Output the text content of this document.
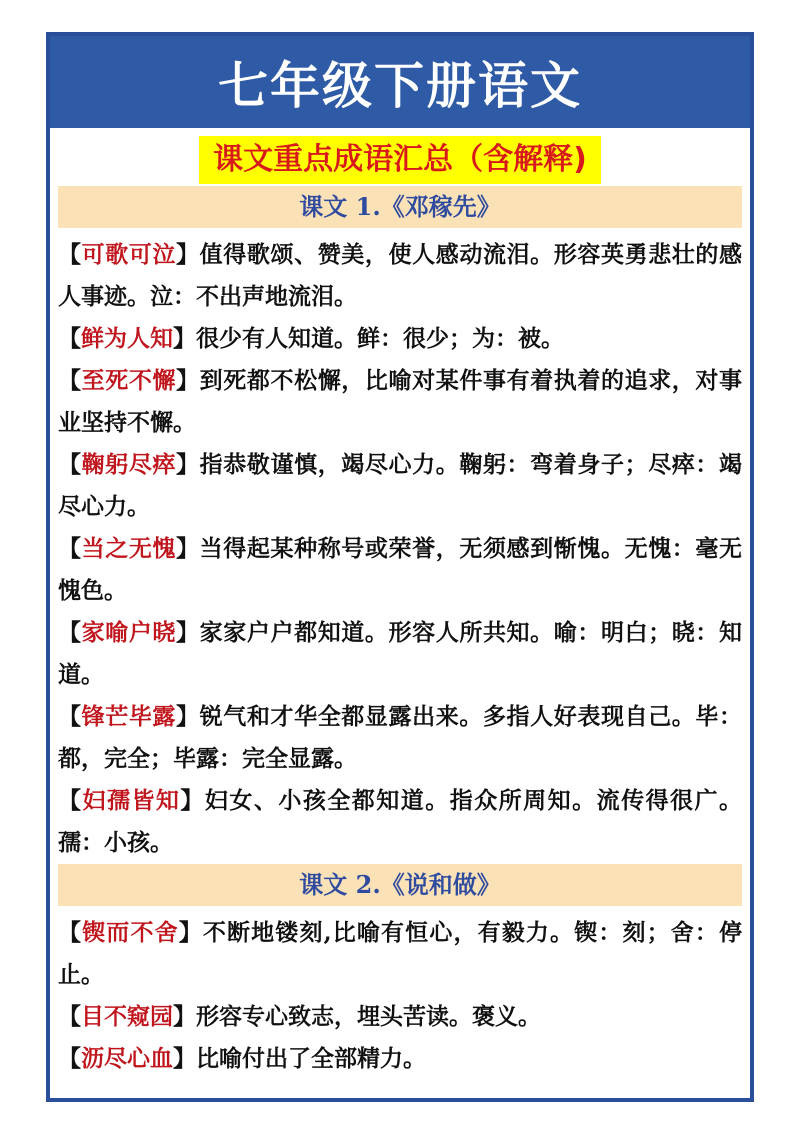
七年级下册语文
课文重点成语汇总（含解释)
课文 1.《邓稼先》

【可歌可泣】值得歌颂、赞美，使人感动流泪。形容英勇悲壮的感人事迹。泣：不出声地流泪。

【鲜为人知】很少有人知道。鲜：很少；为：被。

【至死不懈】到死都不松懈，比喻对某件事有着执着的追求，对事业坚持不懈。

【鞠躬尽瘁】指恭敬谨慎，竭尽心力。鞠躬：弯着身子；尽瘁：竭尽心力。

【当之无愧】当得起某种称号或荣誉，无须感到惭愧。无愧：毫无愧色。

【家喻户晓】家家户户都知道。形容人所共知。喻：明白；晓：知道。

【锋芒毕露】锐气和才华全都显露出来。多指人好表现自己。毕：都，完全；毕露：完全显露。

【妇孺皆知】妇女、小孩全都知道。指众所周知。流传得很广。孺：小孩。

课文 2.《说和做》

【锲而不舍】不断地镂刻,比喻有恒心，有毅力。锲：刻；舍：停止。

【目不窥园】形容专心致志，埋头苦读。褒义。

【沥尽心血】比喻付出了全部精力。
